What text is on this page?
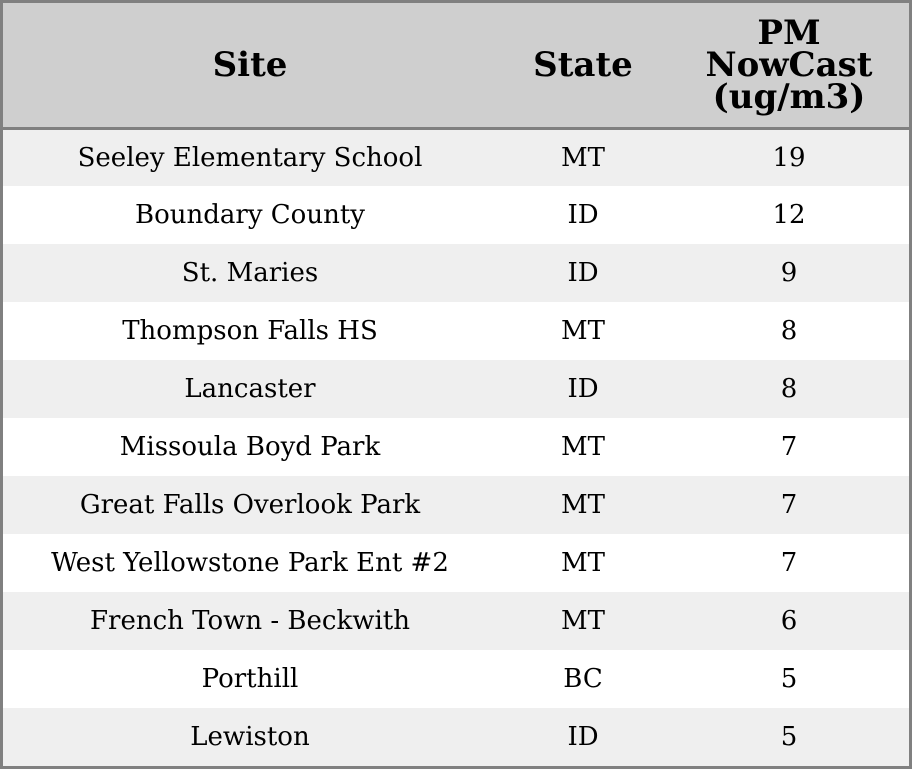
Site	State	PM
NowCast
(ug/m3)

Seeley Elementary School	MT	19
Boundary County	ID	12
St. Maries	ID	9
Thompson Falls HS	MT	8
Lancaster	ID	8
Missoula Boyd Park	MT	7
Great Falls Overlook Park	MT	7
West Yellowstone Park Ent #2	MT	7
French Town - Beckwith	MT	6
Porthill	BC	5
Lewiston	ID	5
